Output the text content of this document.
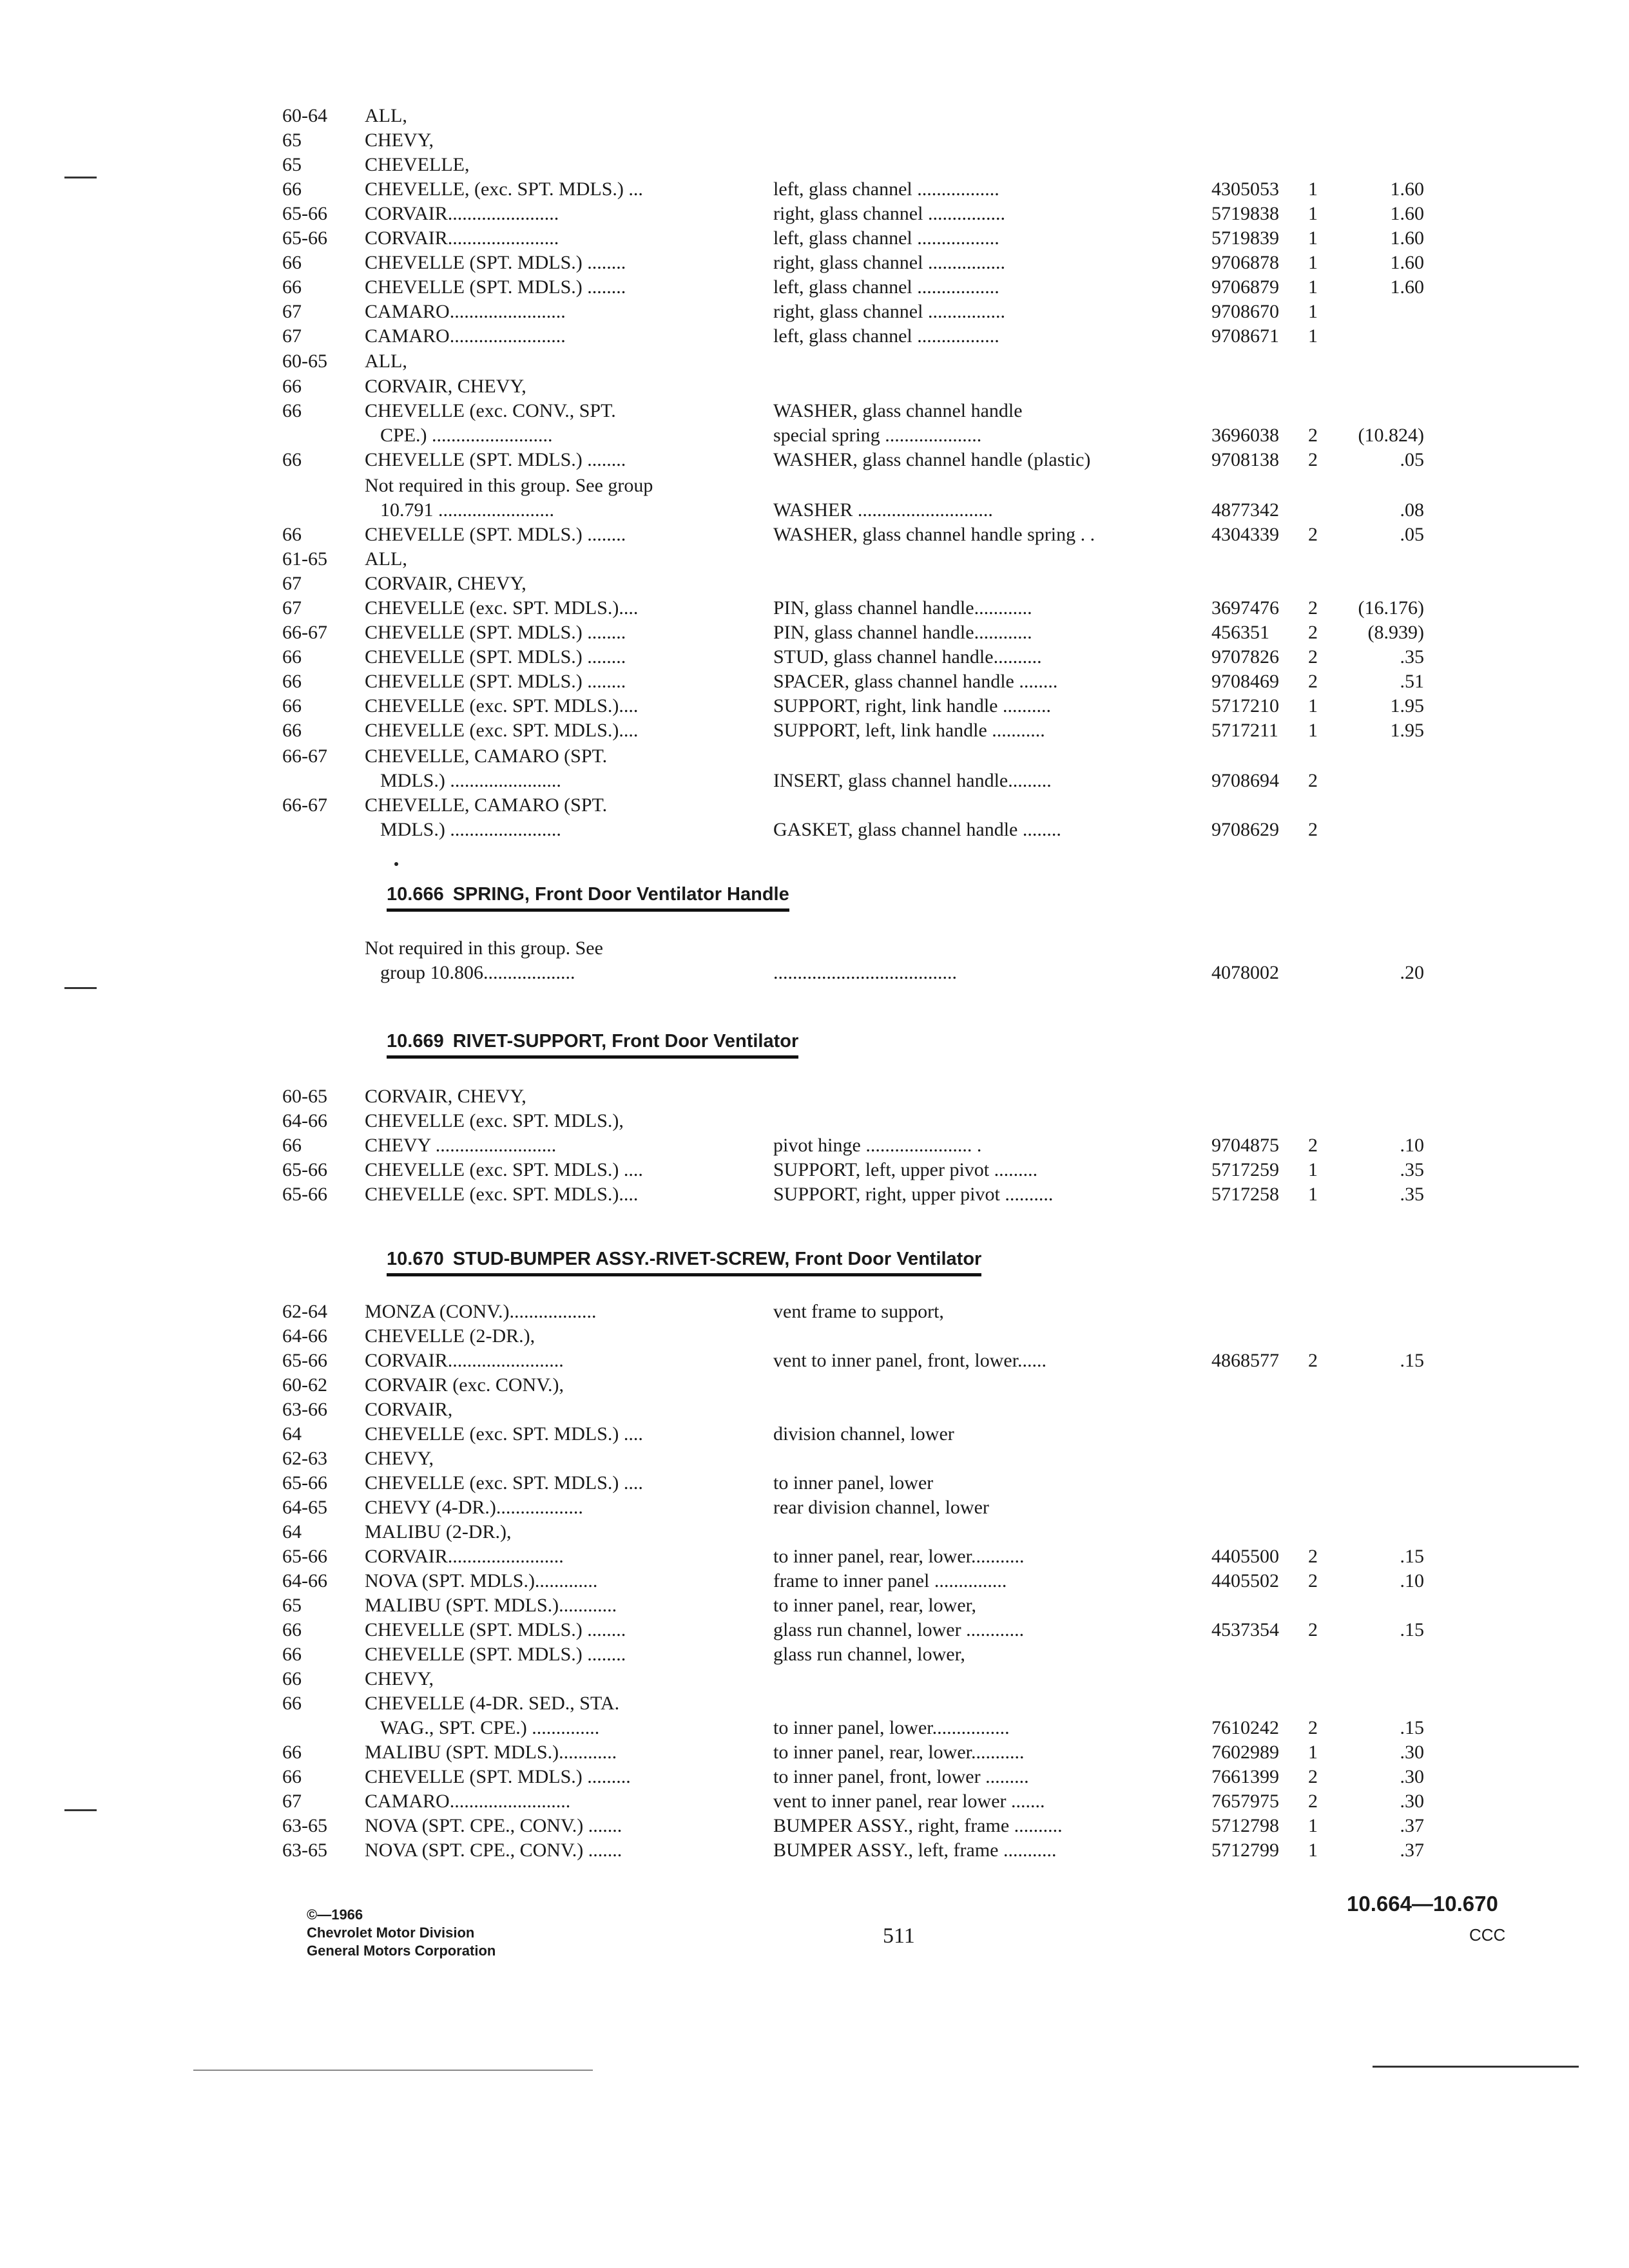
60-64 ALL,
65	CHEVY,
65	CHEVELLE,
66	CHEVELLE, (exc. SPT. MDLS.) ...	left, glass channel .................	4305053 1	1.60
65-66 CORVAIR.......................	right, glass channel ................	5719838 1	1.60
65-66 CORVAIR.......................	left, glass channel .................	5719839 1	1.60
66	CHEVELLE (SPT. MDLS.) ........	right, glass channel ................	9706878 1	1.60
66	CHEVELLE (SPT. MDLS.) ........	left, glass channel .................	9706879 1	1.60
67	CAMARO........................	right, glass channel ................	9708670 1
67	CAMARO........................	left, glass channel .................	9708671 1
60-65 ALL,
66	CORVAIR, CHEVY,
66	CHEVELLE (exc. CONV., SPT.	WASHER, glass channel handle
CPE.) .........................	special spring ....................	3696038 2	(10.824)
66	CHEVELLE (SPT. MDLS.) ........	WASHER, glass channel handle (plastic)	9708138 2	.05
Not required in this group. See group
10.791 ........................	WASHER ............................	4877342	.08
66	CHEVELLE (SPT. MDLS.) ........	WASHER, glass channel handle spring . .	4304339 2	.05
61-65 ALL,
67	CORVAIR, CHEVY,
67	CHEVELLE (exc. SPT. MDLS.)....	PIN, glass channel handle............	3697476 2	(16.176)
66-67 CHEVELLE (SPT. MDLS.) ........	PIN, glass channel handle............	456351 2	(8.939)
66	CHEVELLE (SPT. MDLS.) ........	STUD, glass channel handle..........	9707826 2	.35
66	CHEVELLE (SPT. MDLS.) ........	SPACER, glass channel handle ........	9708469 2	.51
66	CHEVELLE (exc. SPT. MDLS.)....	SUPPORT, right, link handle ..........	5717210 1	1.95
66	CHEVELLE (exc. SPT. MDLS.)....	SUPPORT, left, link handle ...........	5717211 1	1.95
66-67 CHEVELLE, CAMARO (SPT.
MDLS.) .......................	INSERT, glass channel handle.........	9708694 2
66-67 CHEVELLE, CAMARO (SPT.
MDLS.) .......................	GASKET, glass channel handle ........	9708629 2
10.666 SPRING, Front Door Ventilator Handle
Not required in this group. See
group 10.806...................	......................................	4078002	.20
10.669 RIVET-SUPPORT, Front Door Ventilator
60-65 CORVAIR, CHEVY,
64-66 CHEVELLE (exc. SPT. MDLS.),
66	CHEVY .........................	pivot hinge ...................... .	9704875 2	.10
65-66 CHEVELLE (exc. SPT. MDLS.) ....	SUPPORT, left, upper pivot .........	5717259 1	.35
65-66 CHEVELLE (exc. SPT. MDLS.)....	SUPPORT, right, upper pivot ..........	5717258 1	.35
10.670 STUD-BUMPER ASSY.-RIVET-SCREW, Front Door Ventilator
62-64 MONZA (CONV.)..................	vent frame to support,
64-66 CHEVELLE (2-DR.),
65-66 CORVAIR........................	vent to inner panel, front, lower......	4868577 2	.15
60-62 CORVAIR (exc. CONV.),
63-66 CORVAIR,
64	CHEVELLE (exc. SPT. MDLS.) ....	division channel, lower
62-63 CHEVY,
65-66 CHEVELLE (exc. SPT. MDLS.) ....	to inner panel, lower
64-65 CHEVY (4-DR.)..................	rear division channel, lower
64	MALIBU (2-DR.),
65-66 CORVAIR........................	to inner panel, rear, lower...........	4405500 2	.15
64-66 NOVA (SPT. MDLS.).............	frame to inner panel ...............	4405502 2	.10
65	MALIBU (SPT. MDLS.)............	to inner panel, rear, lower,
66	CHEVELLE (SPT. MDLS.) ........	glass run channel, lower ............	4537354 2	.15
66	CHEVELLE (SPT. MDLS.) ........	glass run channel, lower,
66	CHEVY,
66	CHEVELLE (4-DR. SED., STA.
WAG., SPT. CPE.) ..............	to inner panel, lower................	7610242 2	.15
66	MALIBU (SPT. MDLS.)............	to inner panel, rear, lower...........	7602989 1	.30
66	CHEVELLE (SPT. MDLS.) .........	to inner panel, front, lower .........	7661399 2	.30
67	CAMARO.........................	vent to inner panel, rear lower .......	7657975 2	.30
63-65 NOVA (SPT. CPE., CONV.) .......	BUMPER ASSY., right, frame ..........	5712798 1	.37
63-65 NOVA (SPT. CPE., CONV.) .......	BUMPER ASSY., left, frame ...........	5712799 1	.37
©—1966
Chevrolet Motor Division
General Motors Corporation
511
10.664—10.670
CCC
